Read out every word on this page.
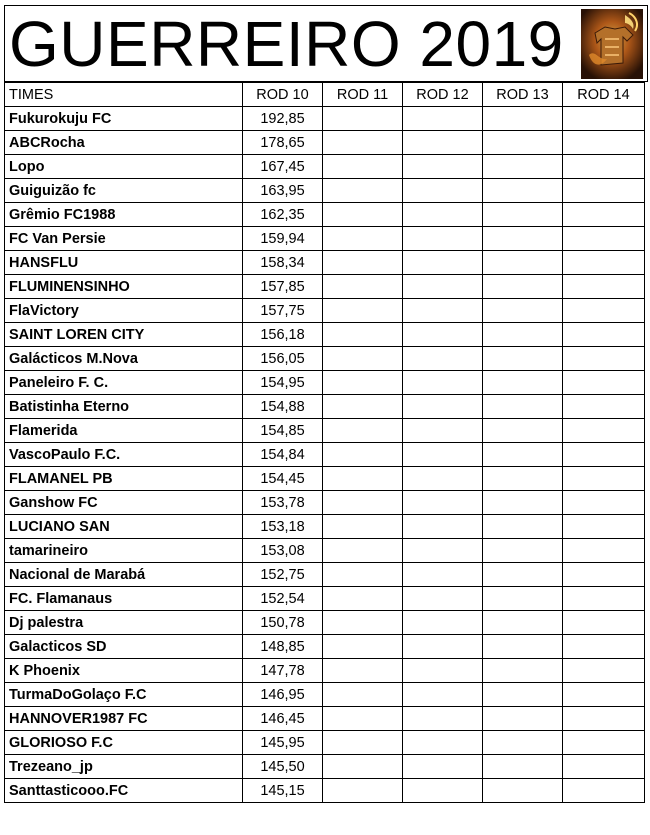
GUERREIRO 2019
TIMES	ROD 10	ROD 11	ROD 12	ROD 13	ROD 14
Fukurokuju FC	192,85				
ABCRocha	178,65				
Lopo	167,45				
Guiguizão fc	163,95				
Grêmio FC1988	162,35				
FC Van Persie	159,94				
HANSFLU	158,34				
FLUMINENSINHO	157,85				
FlaVictory	157,75				
SAINT LOREN CITY	156,18				
Galácticos M.Nova	156,05				
Paneleiro F. C.	154,95				
Batistinha Eterno	154,88				
Flamerida	154,85				
VascoPaulo F.C.	154,84				
FLAMANEL PB	154,45				
Ganshow FC	153,78				
LUCIANO SAN	153,18				
tamarineiro	153,08				
Nacional de Marabá	152,75				
FC. Flamanaus	152,54				
Dj palestra	150,78				
Galacticos SD	148,85				
K Phoenix	147,78				
TurmaDoGolaço F.C	146,95				
HANNOVER1987 FC	146,45				
GLORIOSO F.C	145,95				
Trezeano_jp	145,50				
Santtasticooo.FC	145,15				
